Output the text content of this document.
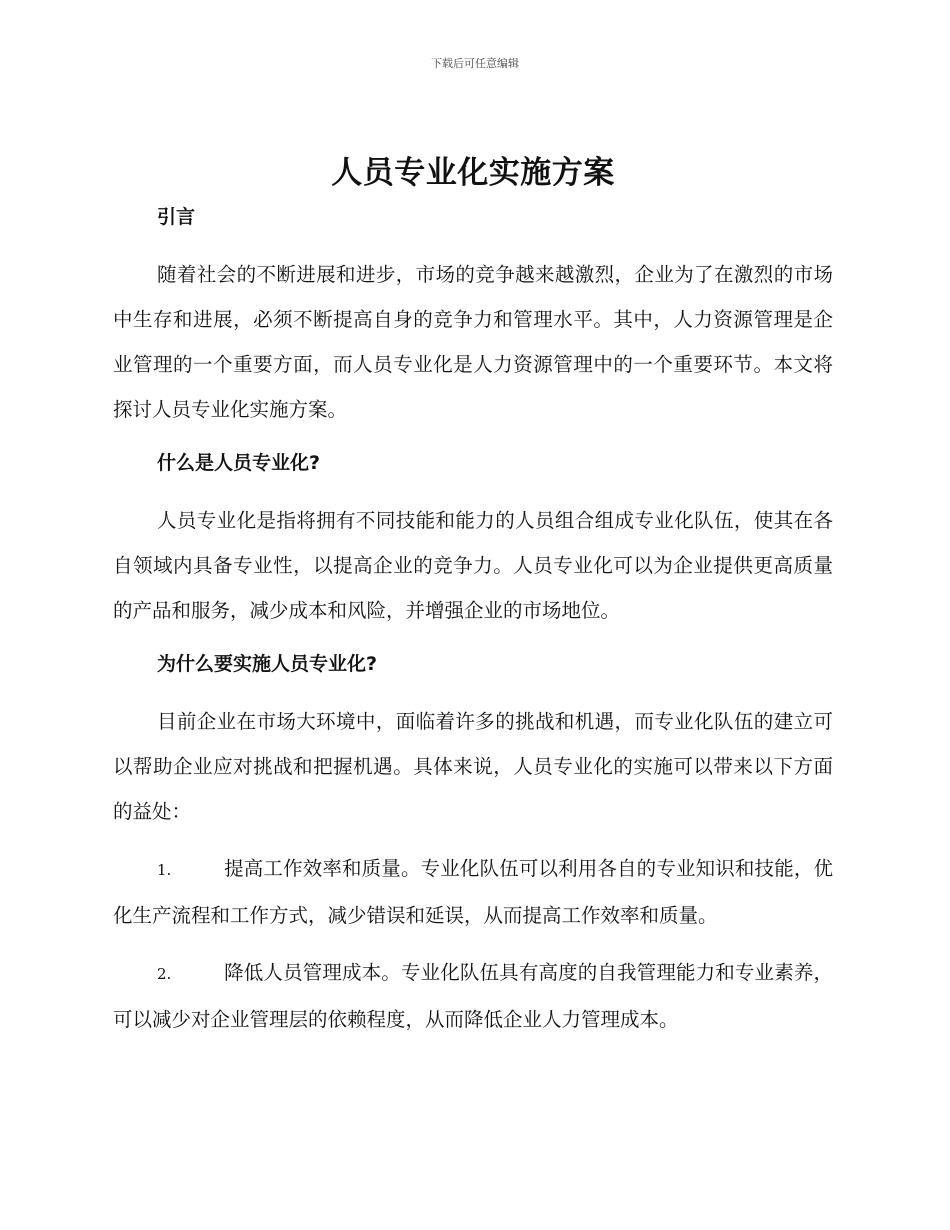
下载后可任意编辑
人员专业化实施方案
引言

随着社会的不断进展和进步，市场的竞争越来越激烈，企业为了在激烈的市场中生存和进展，必须不断提高自身的竞争力和管理水平。其中，人力资源管理是企业管理的一个重要方面，而人员专业化是人力资源管理中的一个重要环节。本文将探讨人员专业化实施方案。

什么是人员专业化?

人员专业化是指将拥有不同技能和能力的人员组合组成专业化队伍，使其在各自领域内具备专业性，以提高企业的竞争力。人员专业化可以为企业提供更高质量的产品和服务，减少成本和风险，并增强企业的市场地位。

为什么要实施人员专业化?

目前企业在市场大环境中，面临着许多的挑战和机遇，而专业化队伍的建立可以帮助企业应对挑战和把握机遇。具体来说，人员专业化的实施可以带来以下方面的益处：

1.	提高工作效率和质量。专业化队伍可以利用各自的专业知识和技能，优化生产流程和工作方式，减少错误和延误，从而提高工作效率和质量。

2.	降低人员管理成本。专业化队伍具有高度的自我管理能力和专业素养，可以减少对企业管理层的依赖程度，从而降低企业人力管理成本。
